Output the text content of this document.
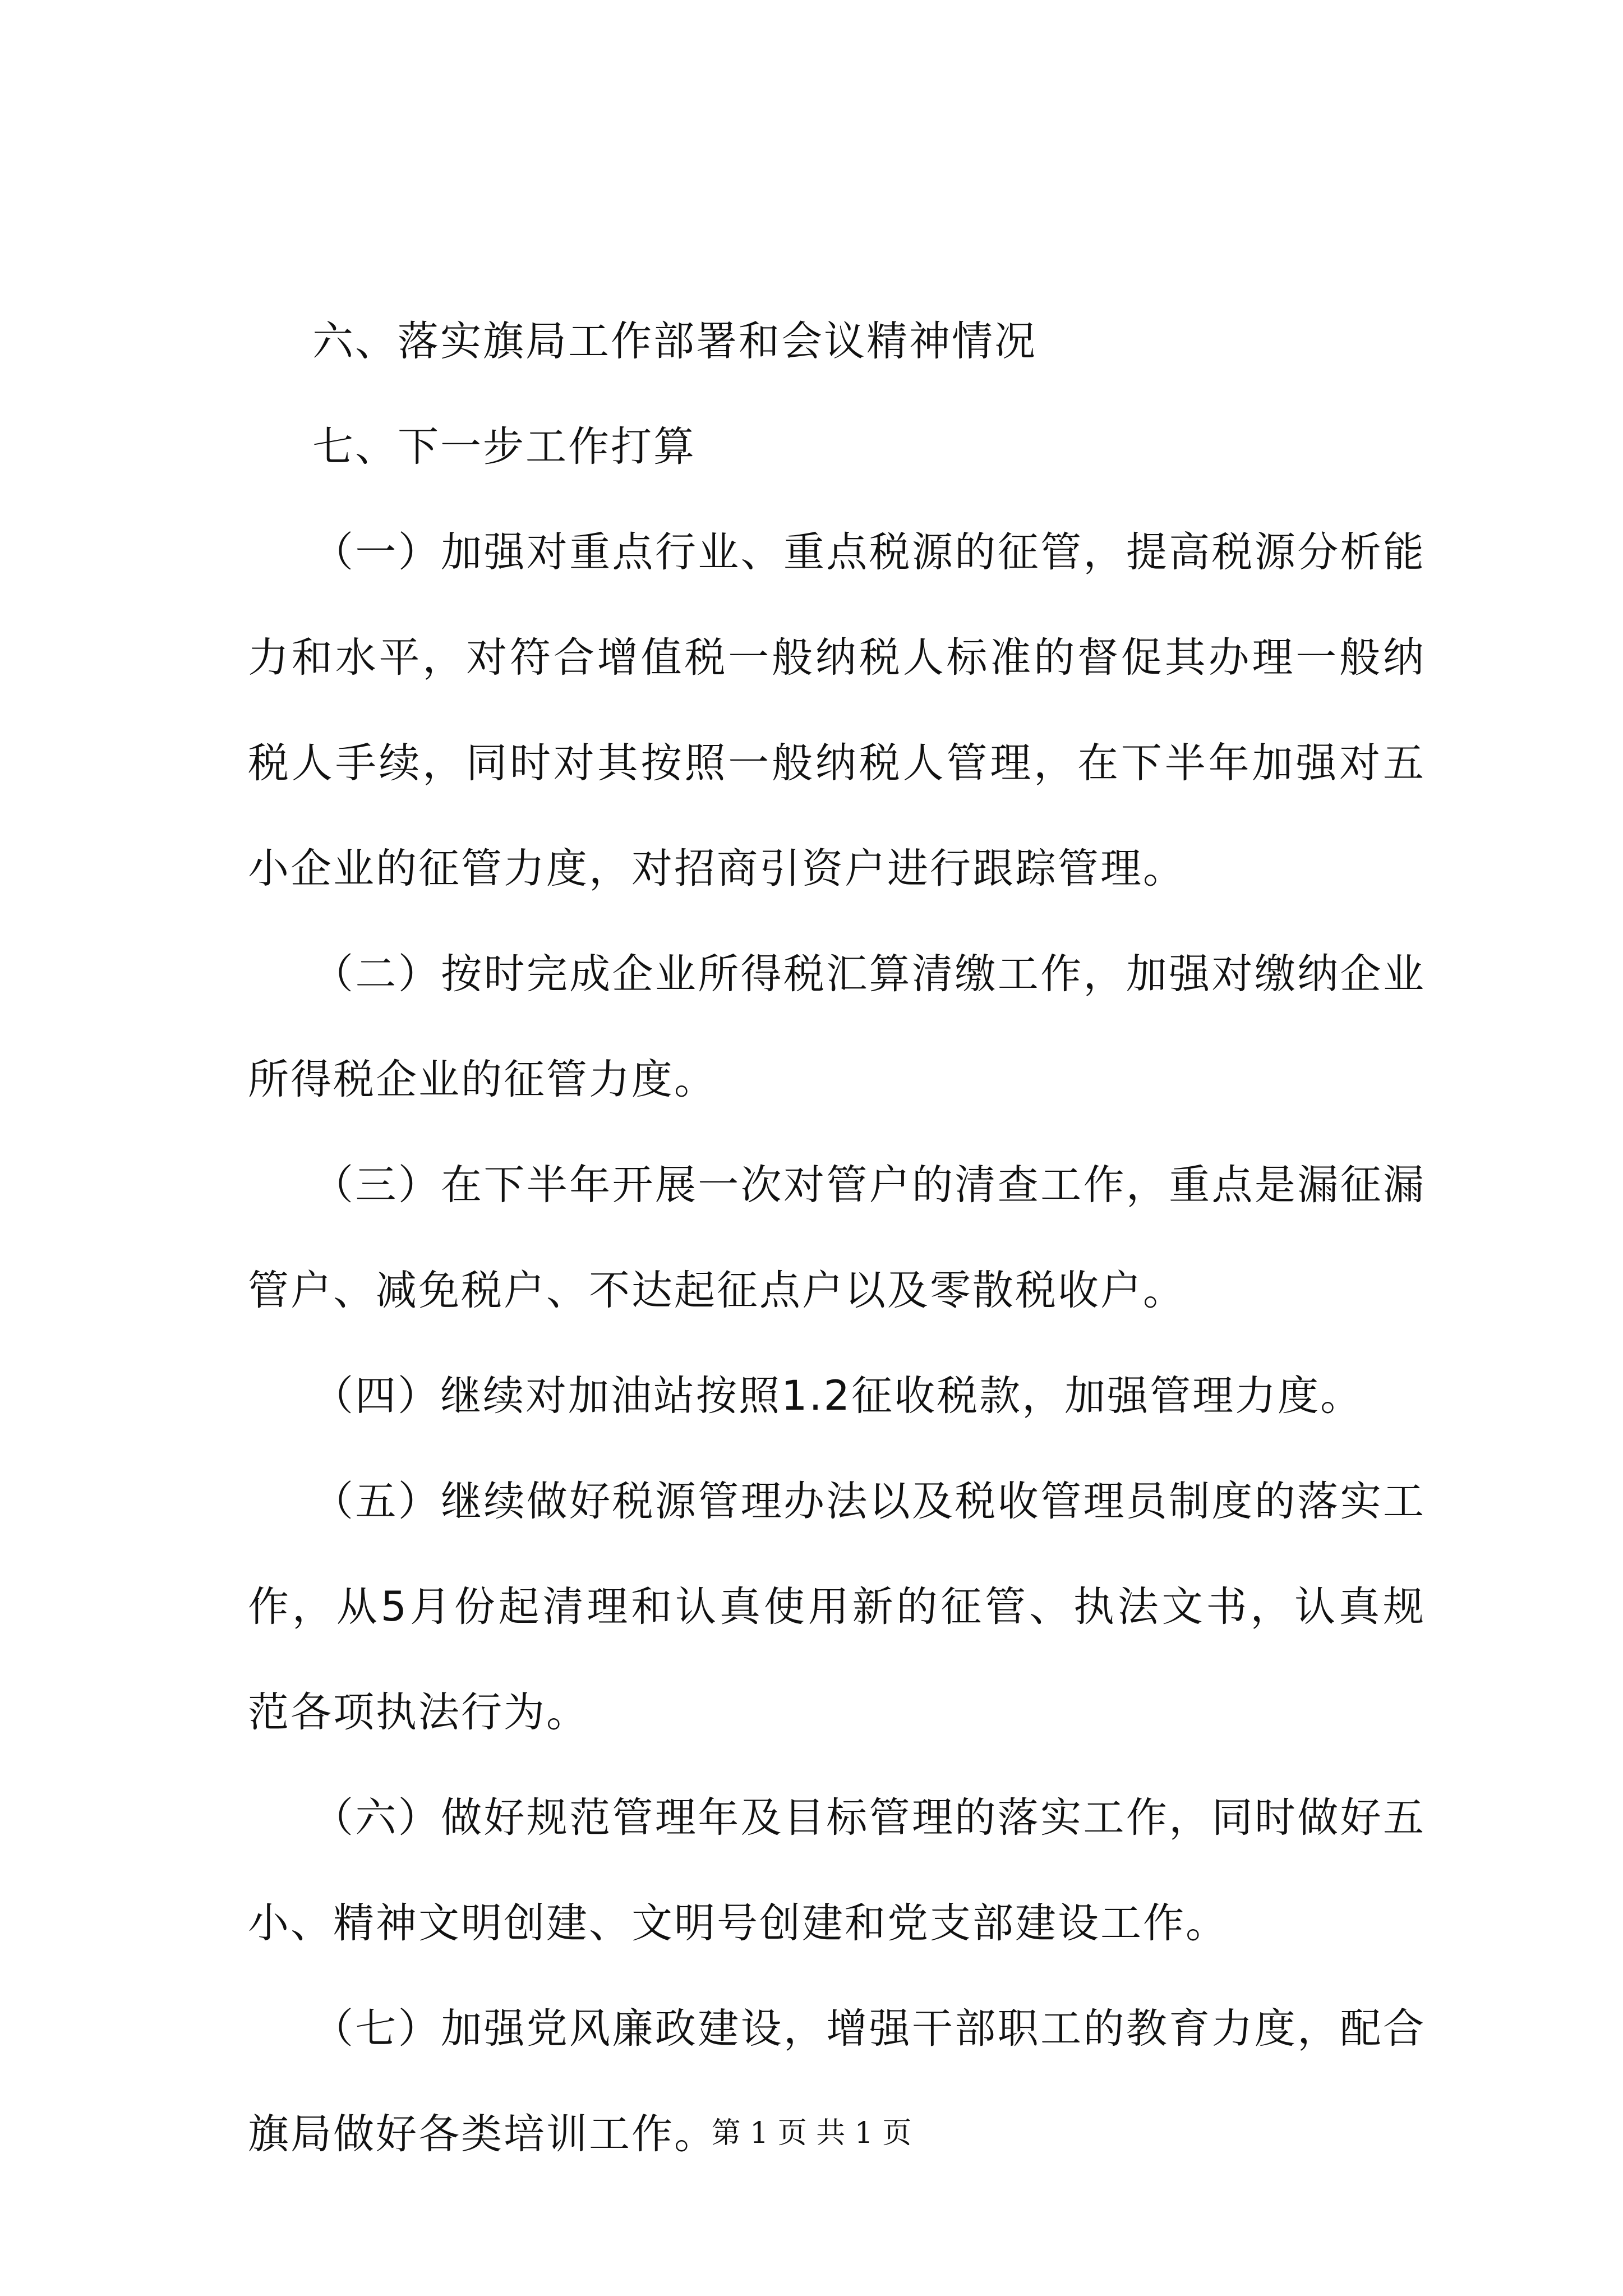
六、落实旗局工作部署和会议精神情况

七、下一步工作打算

（一）加强对重点行业、重点税源的征管，提高税源分析能力和水平，对符合增值税一般纳税人标准的督促其办理一般纳税人手续，同时对其按照一般纳税人管理，在下半年加强对五小企业的征管力度，对招商引资户进行跟踪管理。

（二）按时完成企业所得税汇算清缴工作，加强对缴纳企业所得税企业的征管力度。

（三）在下半年开展一次对管户的清查工作，重点是漏征漏管户、减免税户、不达起征点户以及零散税收户。

（四）继续对加油站按照1.2征收税款，加强管理力度。

（五）继续做好税源管理办法以及税收管理员制度的落实工作，从5月份起清理和认真使用新的征管、执法文书，认真规范各项执法行为。

（六）做好规范管理年及目标管理的落实工作，同时做好五小、精神文明创建、文明号创建和党支部建设工作。

（七）加强党风廉政建设，增强干部职工的教育力度，配合旗局做好各类培训工作。

第 1 页 共 1 页
